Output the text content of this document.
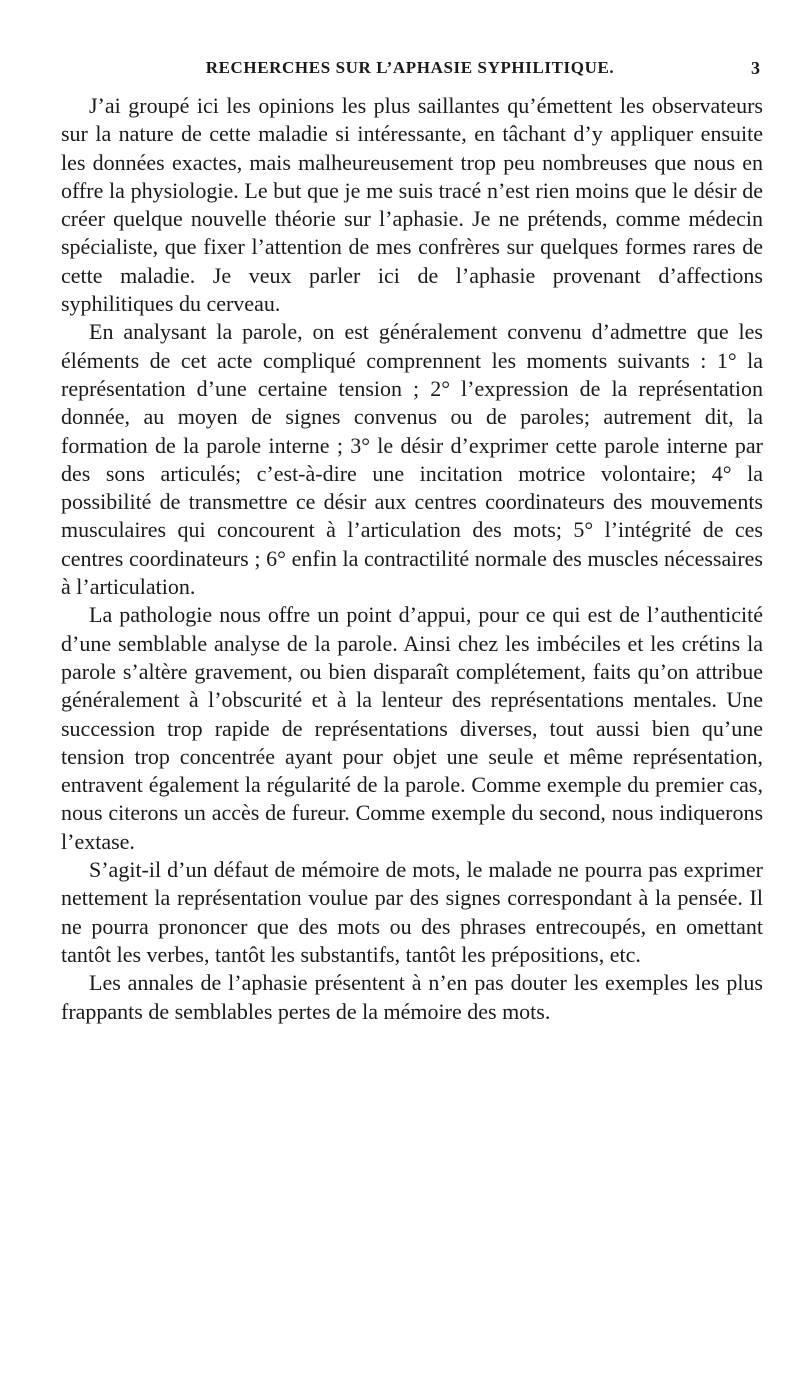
RECHERCHES SUR L’APHASIE SYPHILITIQUE.	3

J’ai groupé ici les opinions les plus saillantes qu’émettent les observateurs sur la nature de cette maladie si intéressante, en tâchant d’y appliquer ensuite les données exactes, mais malheureusement trop peu nombreuses que nous en offre la physiologie. Le but que je me suis tracé n’est rien moins que le désir de créer quelque nouvelle théorie sur l’aphasie. Je ne prétends, comme médecin spécialiste, que fixer l’attention de mes confrères sur quelques formes rares de cette maladie. Je veux parler ici de l’aphasie provenant d’affections syphilitiques du cerveau.

En analysant la parole, on est généralement convenu d’admettre que les éléments de cet acte compliqué comprennent les moments suivants : 1° la représentation d’une certaine tension ; 2° l’expression de la représentation donnée, au moyen de signes convenus ou de paroles; autrement dit, la formation de la parole interne ; 3° le désir d’exprimer cette parole interne par des sons articulés; c’est-à-dire une incitation motrice volontaire; 4° la possibilité de transmettre ce désir aux centres coordinateurs des mouvements musculaires qui concourent à l’articulation des mots; 5° l’intégrité de ces centres coordinateurs ; 6° enfin la contractilité normale des muscles nécessaires à l’articulation.

La pathologie nous offre un point d’appui, pour ce qui est de l’authenticité d’une semblable analyse de la parole. Ainsi chez les imbéciles et les crétins la parole s’altère gravement, ou bien disparaît complétement, faits qu’on attribue généralement à l’obscurité et à la lenteur des représentations mentales. Une succession trop rapide de représentations diverses, tout aussi bien qu’une tension trop concentrée ayant pour objet une seule et même représentation, entravent également la régularité de la parole. Comme exemple du premier cas, nous citerons un accès de fureur. Comme exemple du second, nous indiquerons l’extase.

S’agit-il d’un défaut de mémoire de mots, le malade ne pourra pas exprimer nettement la représentation voulue par des signes correspondant à la pensée. Il ne pourra prononcer que des mots ou des phrases entrecoupés, en omettant tantôt les verbes, tantôt les substantifs, tantôt les prépositions, etc.

Les annales de l’aphasie présentent à n’en pas douter les exemples les plus frappants de semblables pertes de la mémoire des mots.
